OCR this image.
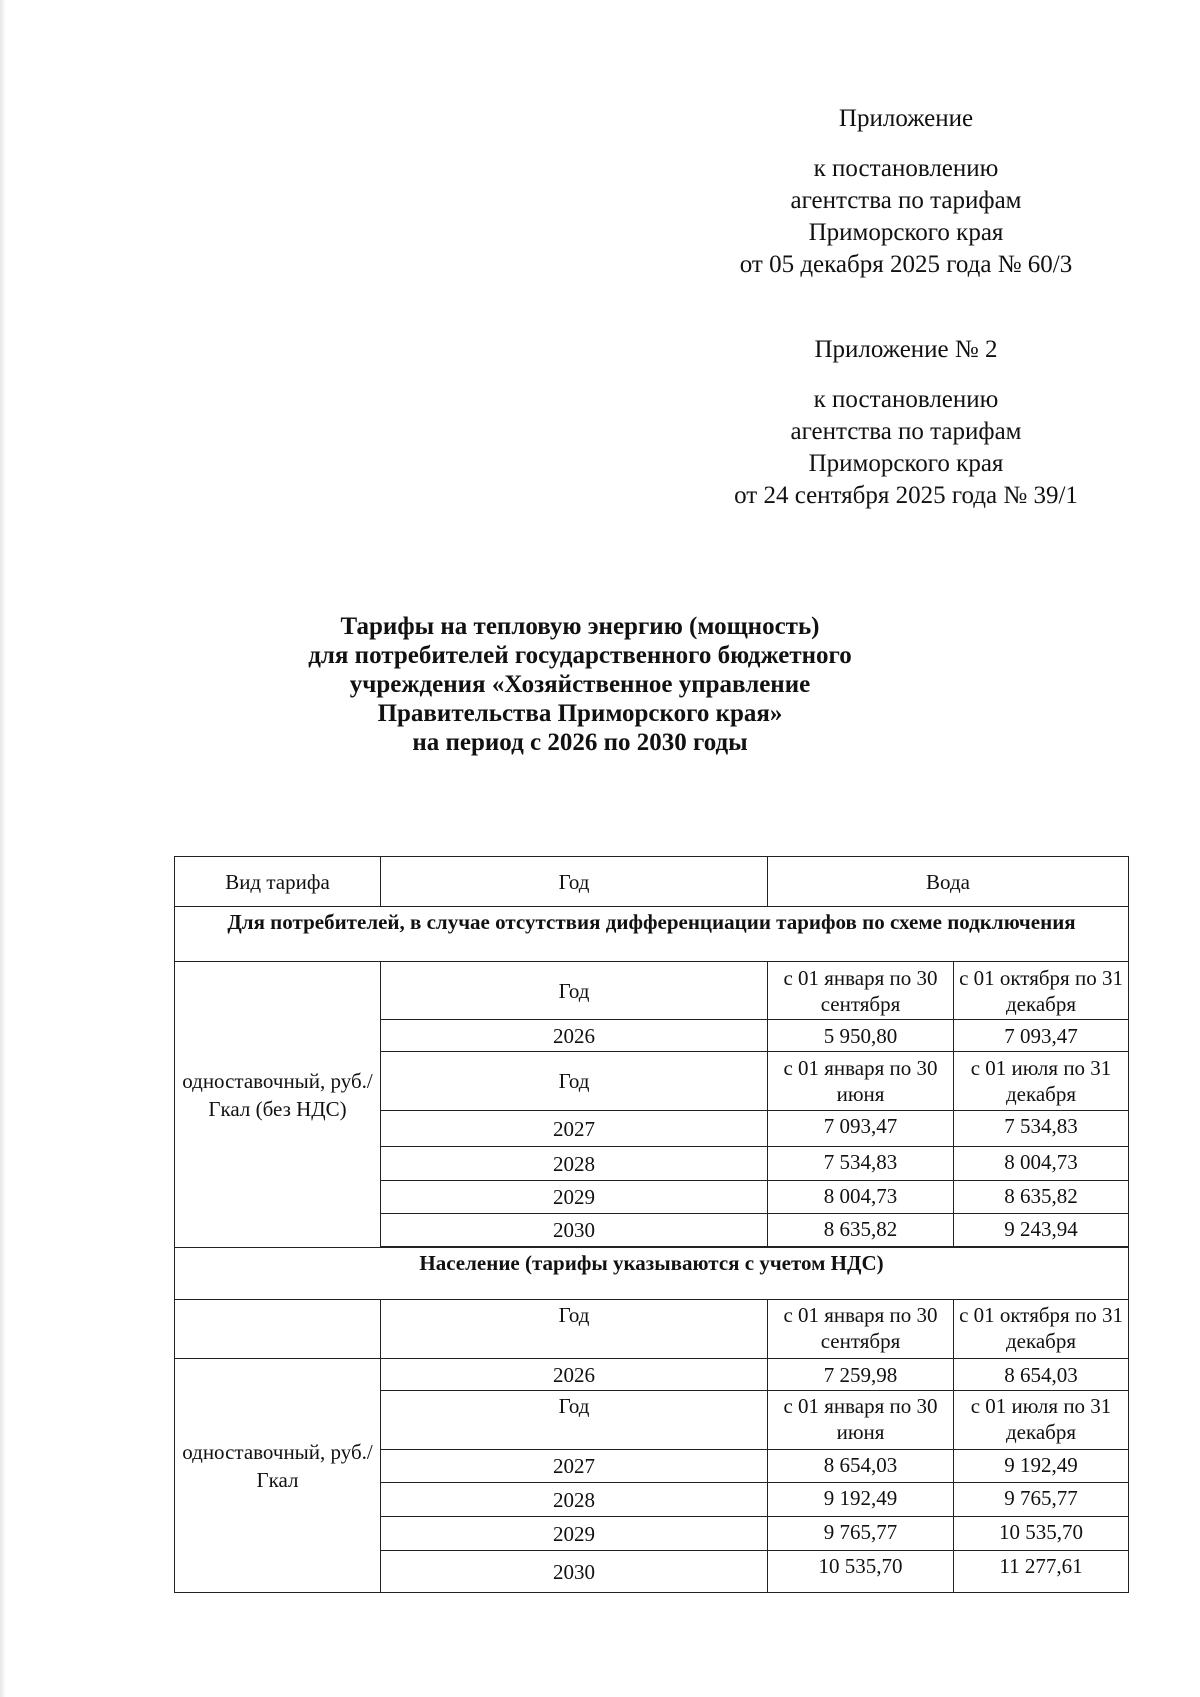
Приложение
к постановлению
агентства по тарифам
Приморского края
от 05 декабря 2025 года № 60/3
Приложение № 2
к постановлению
агентства по тарифам
Приморского края
от 24 сентября 2025 года № 39/1
Тарифы на тепловую энергию (мощность)
для потребителей государственного бюджетного
учреждения «Хозяйственное управление
Правительства Приморского края»
на период с 2026 по 2030 годы
Вид тарифа	Год	Вода	
Для потребителей, в случае отсутствия дифференциации тарифов по схеме подключения			
одноставочный, руб./Гкал (без НДС)	Год	с 01 января по 30 сентября	с 01 октября по 31 декабря
	2026	5 950,80	7 093,47
	Год	с 01 января по 30 июня	с 01 июля по 31 декабря
	2027	7 093,47	7 534,83
	2028	7 534,83	8 004,73
	2029	8 004,73	8 635,82
	2030	8 635,82	9 243,94

Население (тарифы указываются с учетом НДС)			
	Год	с 01 января по 30 сентября	с 01 октября по 31 декабря
одноставочный, руб./Гкал	2026	7 259,98	8 654,03
	Год	с 01 января по 30 июня	с 01 июля по 31 декабря
	2027	8 654,03	9 192,49
	2028	9 192,49	9 765,77
	2029	9 765,77	10 535,70
	2030	10 535,70	11 277,61
